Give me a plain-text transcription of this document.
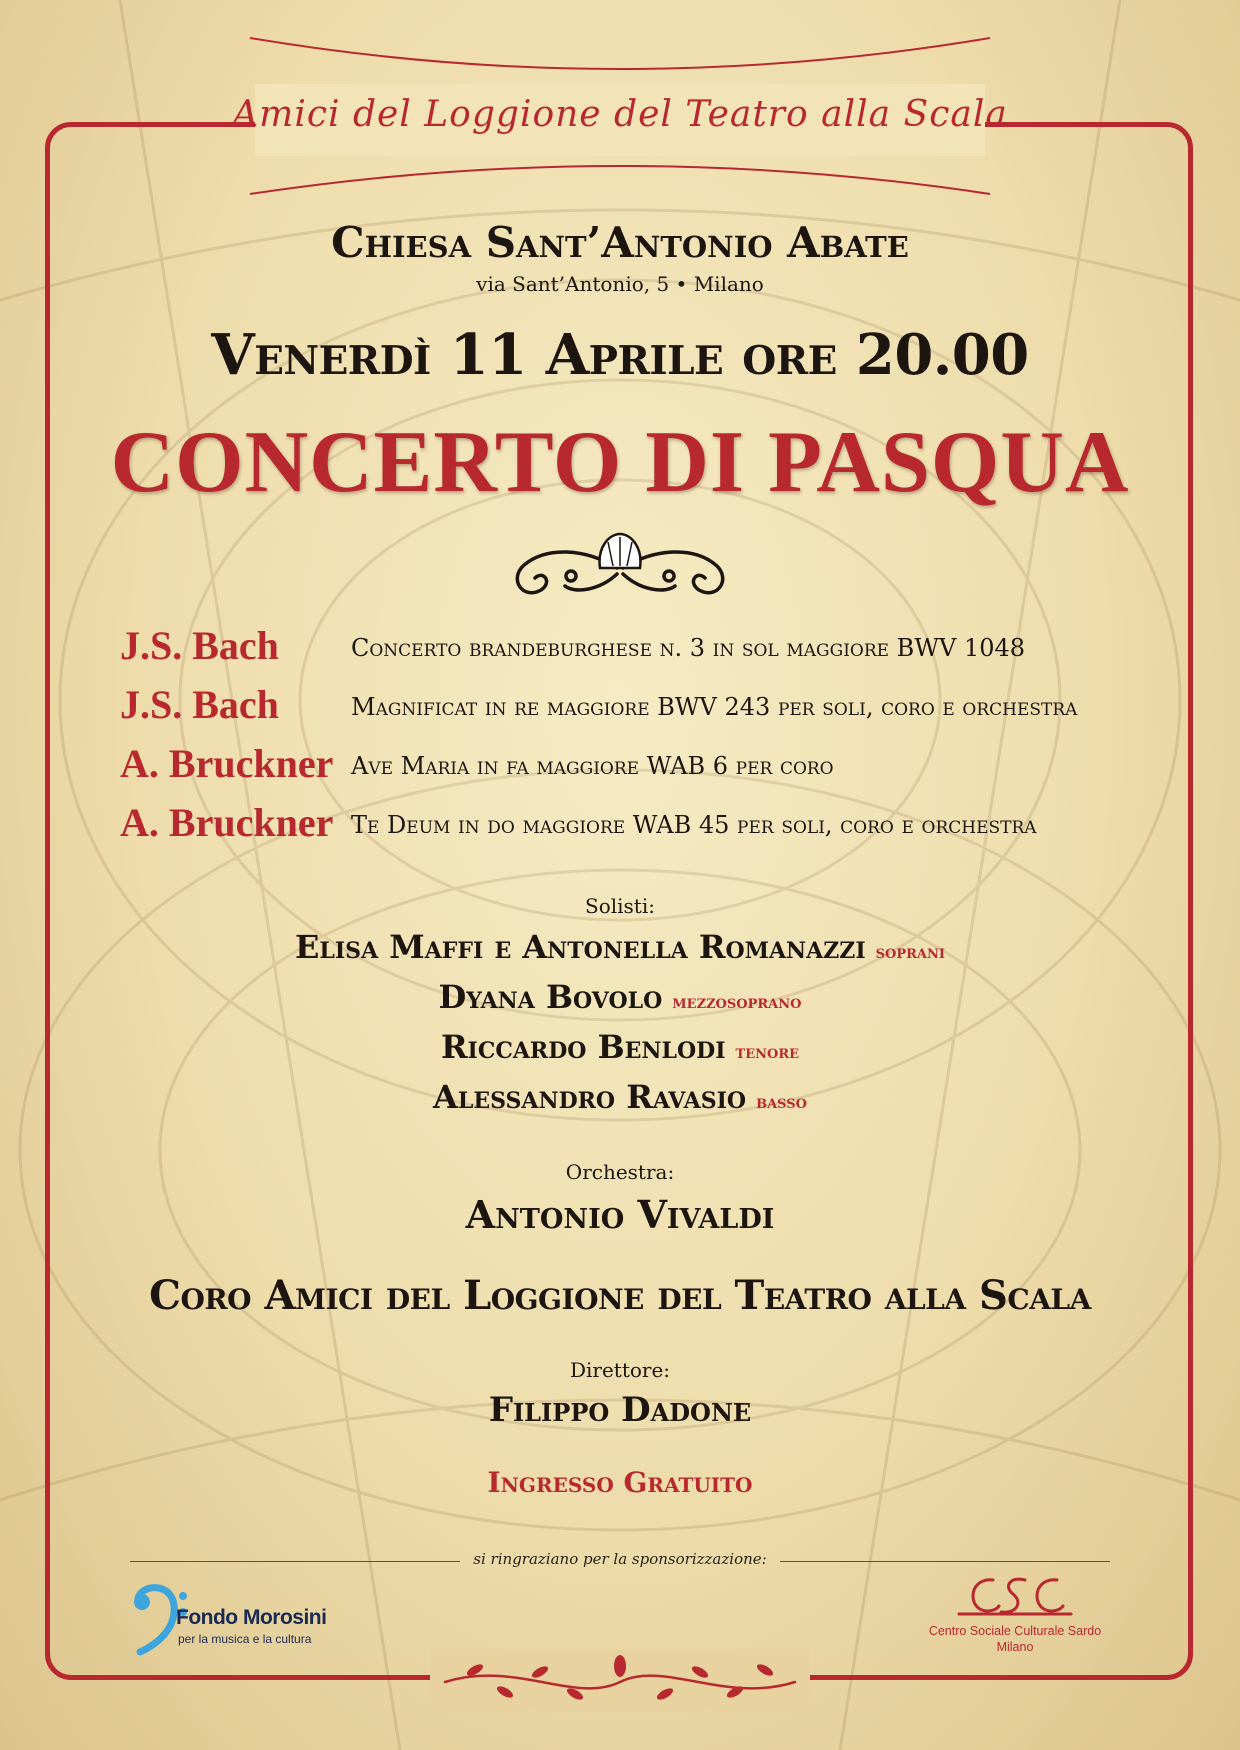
Amici del Loggione del Teatro alla Scala
Chiesa Sant’Antonio Abate
via Sant’Antonio, 5 • Milano
Venerdì 11 Aprile ore 20.00
CONCERTO DI PASQUA
J.S. Bach	Concerto brandeburghese n. 3 in sol maggiore BWV 1048
J.S. Bach	Magnificat in re maggiore BWV 243 per soli, coro e orchestra
A. Bruckner Ave Maria in fa maggiore WAB 6 per coro
A. Bruckner Te Deum in do maggiore WAB 45 per soli, coro e orchestra
Solisti:
Elisa Maffi e Antonella Romanazzi soprani
Dyana Bovolo mezzosoprano
Riccardo Benlodi tenore
Alessandro Ravasio basso
Orchestra:
Antonio Vivaldi
Coro Amici del Loggione del Teatro alla Scala
Direttore:
Filippo Dadone
Ingresso Gratuito
si ringraziano per la sponsorizzazione:
Fondo Morosini
per la musica e la cultura
Centro Sociale Culturale Sardo
Milano
